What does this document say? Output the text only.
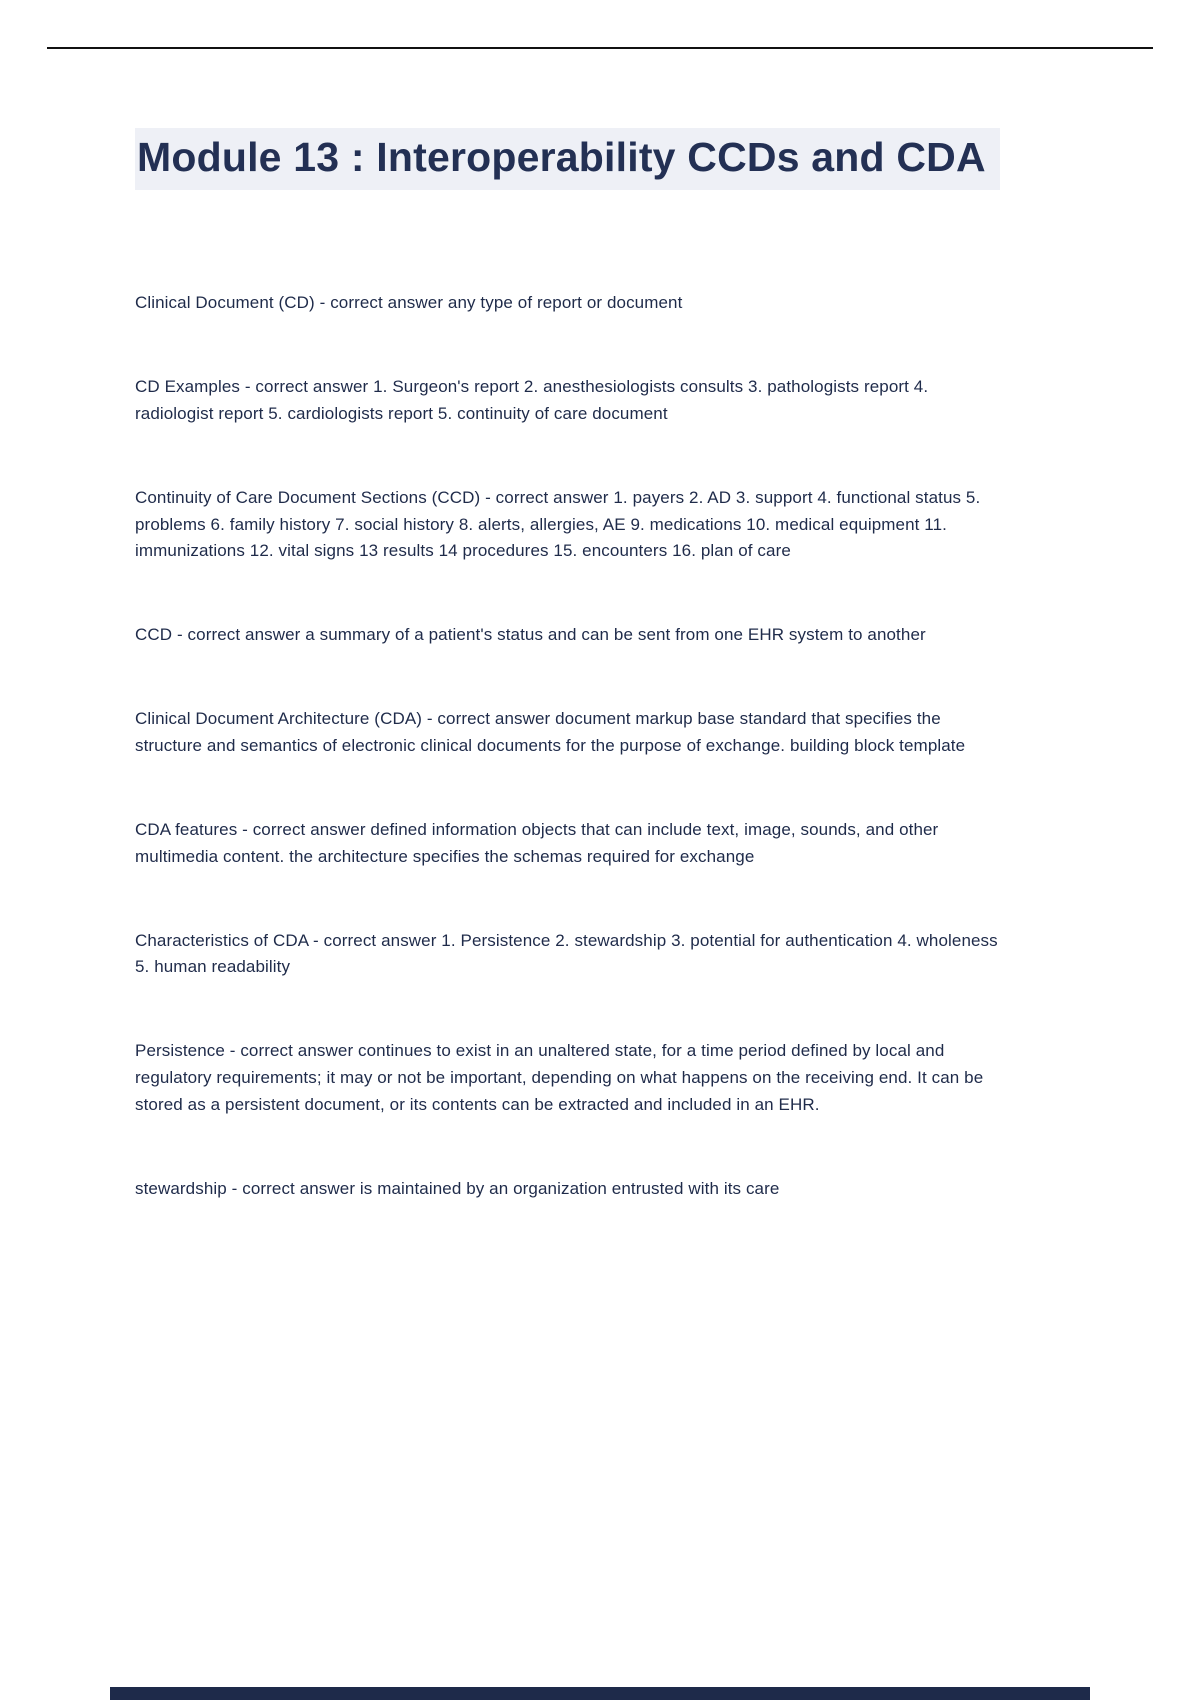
Module 13 : Interoperability CCDs and CDA

Clinical Document (CD) - correct answer any type of report or document

CD Examples - correct answer 1. Surgeon's report 2. anesthesiologists consults 3. pathologists report 4. radiologist report 5. cardiologists report 5. continuity of care document

Continuity of Care Document Sections (CCD) - correct answer 1. payers 2. AD 3. support 4. functional status 5. problems 6. family history 7. social history 8. alerts, allergies, AE 9. medications 10. medical equipment 11. immunizations 12. vital signs 13 results 14 procedures 15. encounters 16. plan of care

CCD - correct answer a summary of a patient's status and can be sent from one EHR system to another

Clinical Document Architecture (CDA) - correct answer document markup base standard that specifies the structure and semantics of electronic clinical documents for the purpose of exchange. building block template

CDA features - correct answer defined information objects that can include text, image, sounds, and other multimedia content. the architecture specifies the schemas required for exchange

Characteristics of CDA - correct answer 1. Persistence 2. stewardship 3. potential for authentication 4. wholeness 5. human readability

Persistence - correct answer continues to exist in an unaltered state, for a time period defined by local and regulatory requirements; it may or not be important, depending on what happens on the receiving end. It can be stored as a persistent document, or its contents can be extracted and included in an EHR.

stewardship - correct answer is maintained by an organization entrusted with its care
